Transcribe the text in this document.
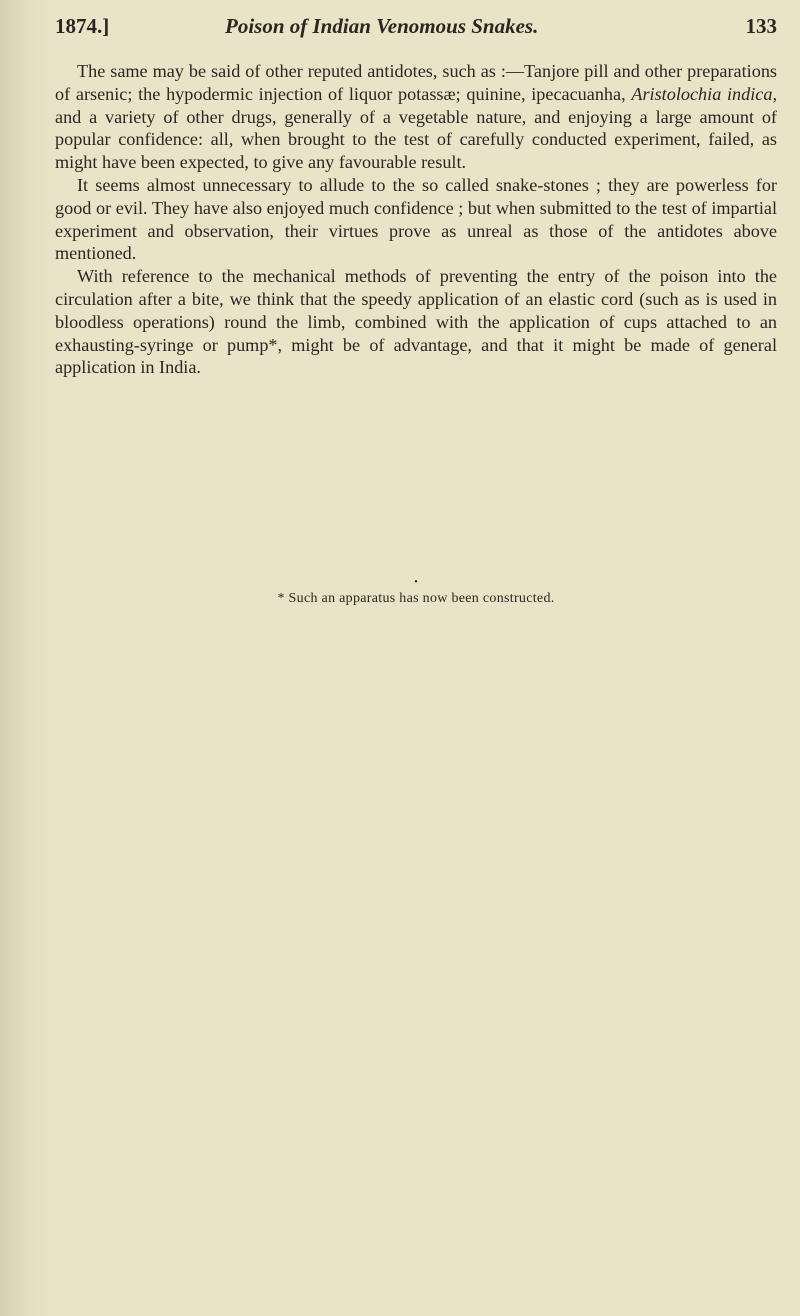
1874.]	Poison of Indian Venomous Snakes.	133

The same may be said of other reputed antidotes, such as :—Tanjore pill and other preparations of arsenic; the hypodermic injection of liquor potassæ; quinine, ipecacuanha, Aristolochia indica, and a variety of other drugs, generally of a vegetable nature, and enjoying a large amount of popular confidence: all, when brought to the test of carefully conducted experiment, failed, as might have been expected, to give any favourable result.

It seems almost unnecessary to allude to the so called snake-stones ; they are powerless for good or evil. They have also enjoyed much confidence ; but when submitted to the test of impartial experiment and observation, their virtues prove as unreal as those of the antidotes above mentioned.

With reference to the mechanical methods of preventing the entry of the poison into the circulation after a bite, we think that the speedy application of an elastic cord (such as is used in bloodless operations) round the limb, combined with the application of cups attached to an exhausting-syringe or pump*, might be of advantage, and that it might be made of general application in India.

•
* Such an apparatus has now been constructed.
